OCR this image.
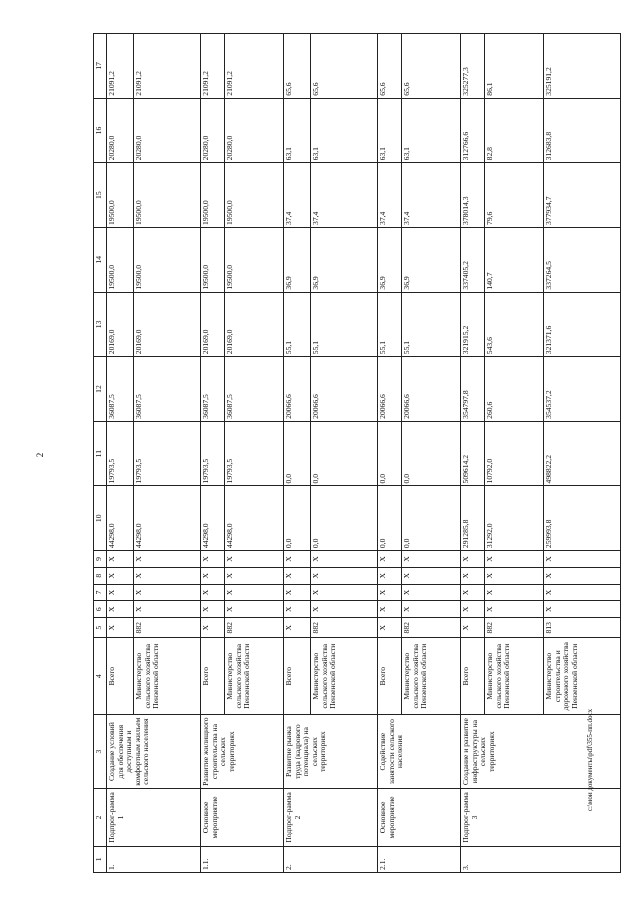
2
1	2	3	4	5	6	7	8	9	10	11	12	13	14	15	16	17
1.	Подпрог-рамма 1	Создание условий для обеспечения доступным и комфортным жильем сельского населения	Всего	X	X	X	X	X	44298,0	19793,5	36087,5	20169,0	19500,0	19500,0	20280,0	21091,2
			Министерство сельского хозяйства Пензенской области	882	X	X	X	X	44298,0	19793,5	36087,5	20169,0	19500,0	19500,0	20280,0	21091,2
1.1.	Основное мероприятие	Развитие жилищного строительства на сельских территориях	Всего	X	X	X	X	X	44298,0	19793,5	36087,5	20169,0	19500,0	19500,0	20280,0	21091,2
			Министерство сельского хозяйства Пензенской области	882	X	X	X	X	44298,0	19793,5	36087,5	20169,0	19500,0	19500,0	20280,0	21091,2
2.	Подпрог-рамма 2	Развитие рынка труда (кадрового потенциала) на сельских территориях	Всего	X	X	X	X	X	0,0	0,0	20066,6	55,1	36,9	37,4	63,1	65,6
			Министерство сельского хозяйства Пензенской области	882	X	X	X	X	0,0	0,0	20066,6	55,1	36,9	37,4	63,1	65,6
2.1.	Основное мероприятие	Содействие занятости сельского населения	Всего	X	X	X	X	X	0,0	0,0	20066,6	55,1	36,9	37,4	63,1	65,6
			Министерство сельского хозяйства Пензенской области	882	X	X	X	X	0,0	0,0	20066,6	55,1	36,9	37,4	63,1	65,6
3.	Подпрог-рамма 3	Создание и развитие инфраструктуры на сельских территориях	Всего	X	X	X	X	X	291285,8	509614,2	354797,8	321915,2	337405,2	378014,3	312766,6	325277,3
			Министерство сельского хозяйства Пензенской области	882	X	X	X	X	31292,0	10792,0	260,6	543,6	140,7	79,6	82,8	86,1
			Министерство строительства и дорожного хозяйства Пензенской области	813	X	X	X	X	259993,8	498822,2	354537,2	321371,6	337264,5	377934,7	312683,8	325191,2
c:\мои документы\pdf\355-пп.docx
